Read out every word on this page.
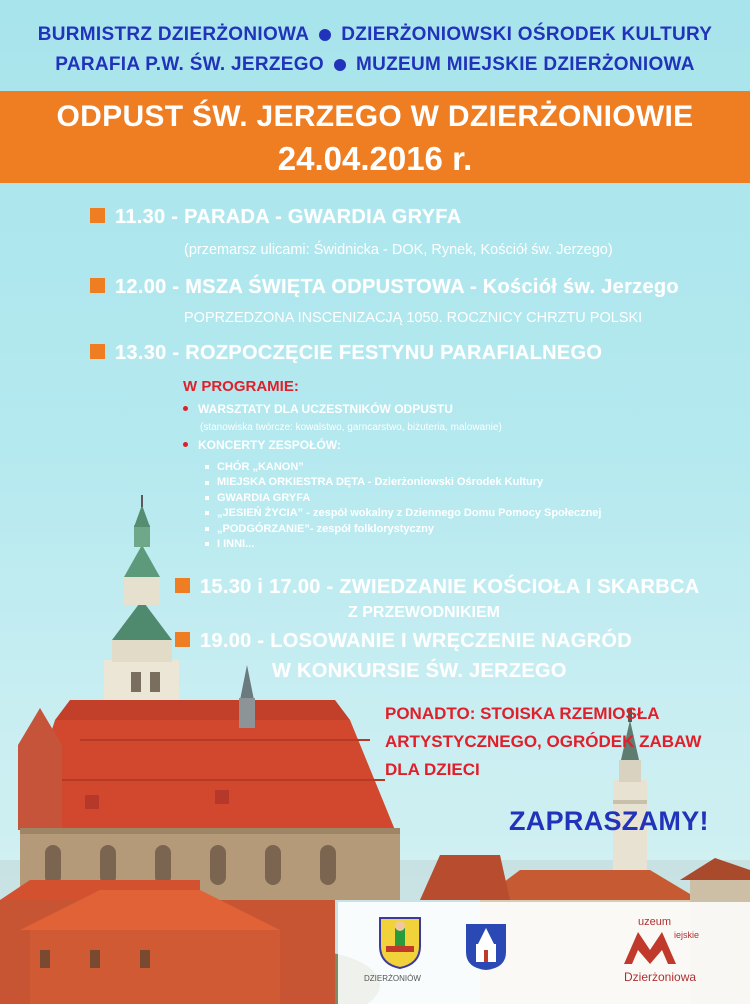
BURMISTRZ DZIERŻONIOWA DZIERŻONIOWSKI OŚRODEK KULTURY
PARAFIA P.W. ŚW. JERZEGO MUZEUM MIEJSKIE DZIERŻONIOWA
ODPUST ŚW. JERZEGO W DZIERŻONIOWIE
24.04.2016 r.
11.30 - PARADA - GWARDIA GRYFA
(przemarsz ulicami: Świdnicka - DOK, Rynek, Kościół św. Jerzego)
12.00 - MSZA ŚWIĘTA ODPUSTOWA - Kościół św. Jerzego
POPRZEDZONA INSCENIZACJĄ 1050. ROCZNICY CHRZTU POLSKI
13.30 - ROZPOCZĘCIE FESTYNU PARAFIALNEGO
W PROGRAMIE:
WARSZTATY DLA UCZESTNIKÓW ODPUSTU
(stanowiska twórcze: kowalstwo, garncarstwo, biżuteria, malowanie)
KONCERTY ZESPOŁÓW:
CHÓR „KANON”
MIEJSKA ORKIESTRA DĘTA - Dzierżoniowski Ośrodek Kultury
GWARDIA GRYFA
„JESIEŃ ŻYCIA” - zespół wokalny z Dziennego Domu Pomocy Społecznej
„PODGÓRZANIE”- zespół folklorystyczny
I INNI...
15.30 i 17.00 - ZWIEDZANIE KOŚCIOŁA I SKARBCA
Z PRZEWODNIKIEM
19.00 - LOSOWANIE I WRĘCZENIE NAGRÓD
W KONKURSIE ŚW. JERZEGO
PONADTO: STOISKA RZEMIOSŁA
ARTYSTYCZNEGO, OGRÓDEK ZABAW
DLA DZIECI
ZAPRASZAMY!
DZIERŻONIÓW
uzeum
iejskie
Dzierżoniowa
